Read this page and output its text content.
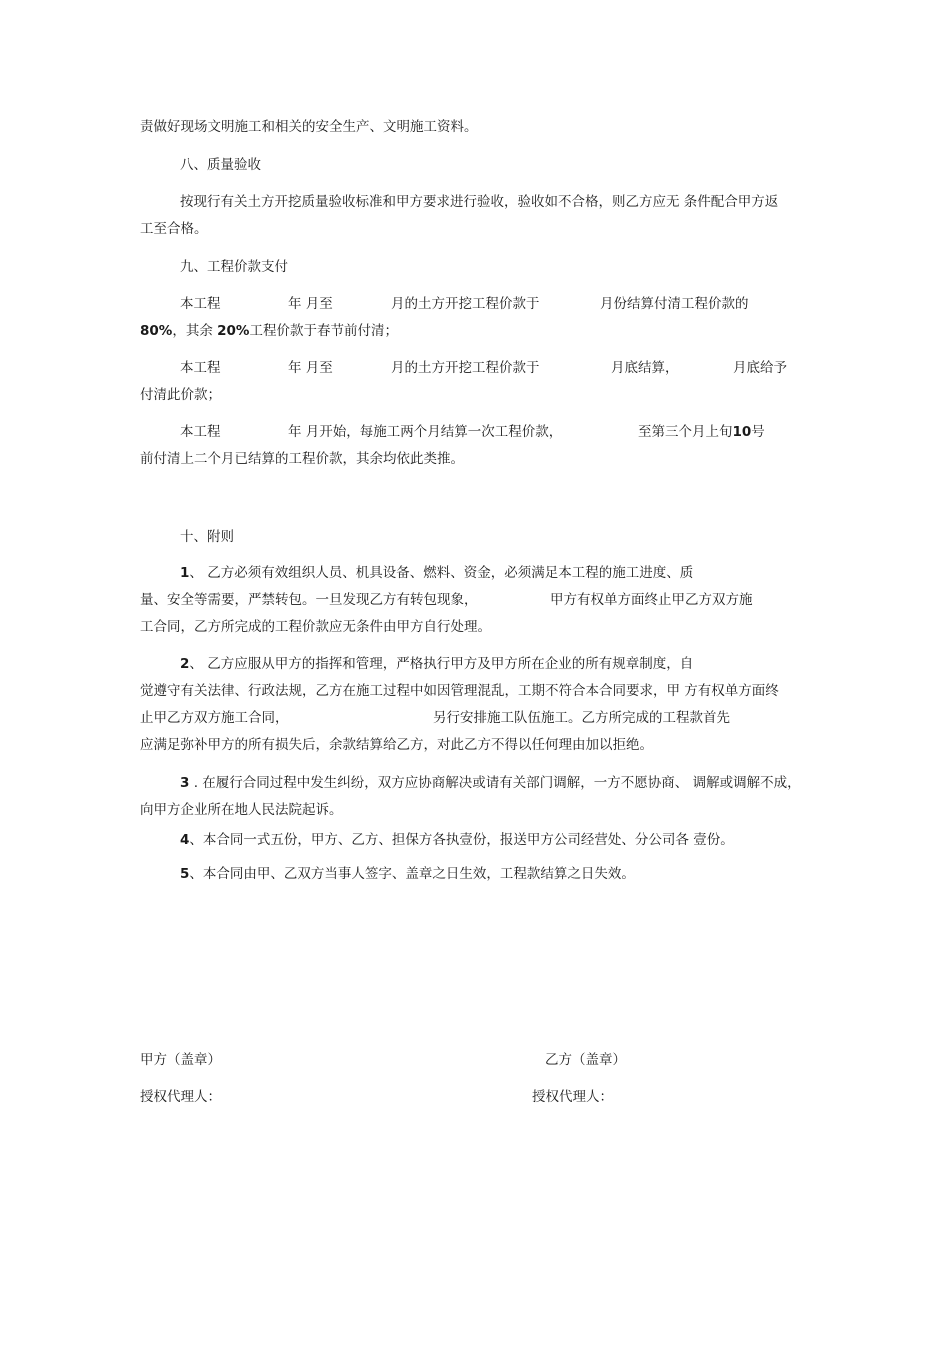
责做好现场文明施工和相关的安全生产、文明施工资料。
八、质量验收
按现行有关土方开挖质量验收标准和甲方要求进行验收，验收如不合格，则乙方应无 条件配合甲方返
工至合格。
九、工程价款支付
本工程	年 月至	月的土方开挖工程价款于	月份结算付清工程价款的
80%，其余 20%工程价款于春节前付清；
本工程	年 月至	月的土方开挖工程价款于	月底结算，	月底给予
付清此价款；
本工程	年 月开始，每施工两个月结算一次工程价款，	至第三个月上旬10号
前付清上二个月已结算的工程价款，其余均依此类推。
十、附则
1、 乙方必须有效组织人员、机具设备、燃料、资金，必须满足本工程的施工进度、质
量、安全等需要，严禁转包。一旦发现乙方有转包现象，	甲方有权单方面终止甲乙方双方施
工合同，乙方所完成的工程价款应无条件由甲方自行处理。
2、 乙方应服从甲方的指挥和管理，严格执行甲方及甲方所在企业的所有规章制度，自
觉遵守有关法律、行政法规，乙方在施工过程中如因管理混乱，工期不符合本合同要求，甲 方有权单方面终
止甲乙方双方施工合同，	另行安排施工队伍施工。乙方所完成的工程款首先
应满足弥补甲方的所有损失后，余款结算给乙方，对此乙方不得以任何理由加以拒绝。
3 . 在履行合同过程中发生纠纷，双方应协商解决或请有关部门调解，一方不愿协商、 调解或调解不成，
向甲方企业所在地人民法院起诉。
4、本合同一式五份，甲方、乙方、担保方各执壹份，报送甲方公司经营处、分公司各 壹份。
5、本合同由甲、乙双方当事人签字、盖章之日生效，工程款结算之日失效。
甲方（盖章）	乙方（盖章）
授权代理人：	授权代理人：
